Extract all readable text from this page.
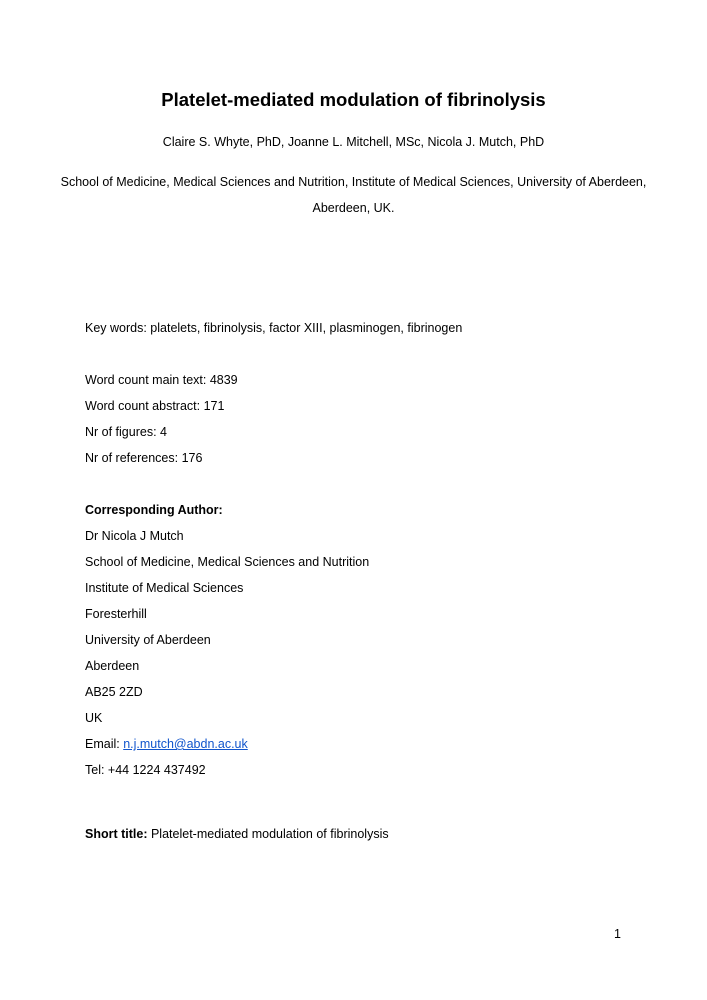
Platelet-mediated modulation of fibrinolysis
Claire S. Whyte, PhD, Joanne L. Mitchell, MSc, Nicola J. Mutch, PhD
School of Medicine, Medical Sciences and Nutrition, Institute of Medical Sciences, University of Aberdeen, Aberdeen, UK.
Key words: platelets, fibrinolysis, factor XIII, plasminogen, fibrinogen
Word count main text: 4839
Word count abstract: 171
Nr of figures: 4
Nr of references: 176
Corresponding Author:
Dr Nicola J Mutch
School of Medicine, Medical Sciences and Nutrition
Institute of Medical Sciences
Foresterhill
University of Aberdeen
Aberdeen
AB25 2ZD
UK
Email: n.j.mutch@abdn.ac.uk
Tel: +44 1224 437492
Short title: Platelet-mediated modulation of fibrinolysis
1
